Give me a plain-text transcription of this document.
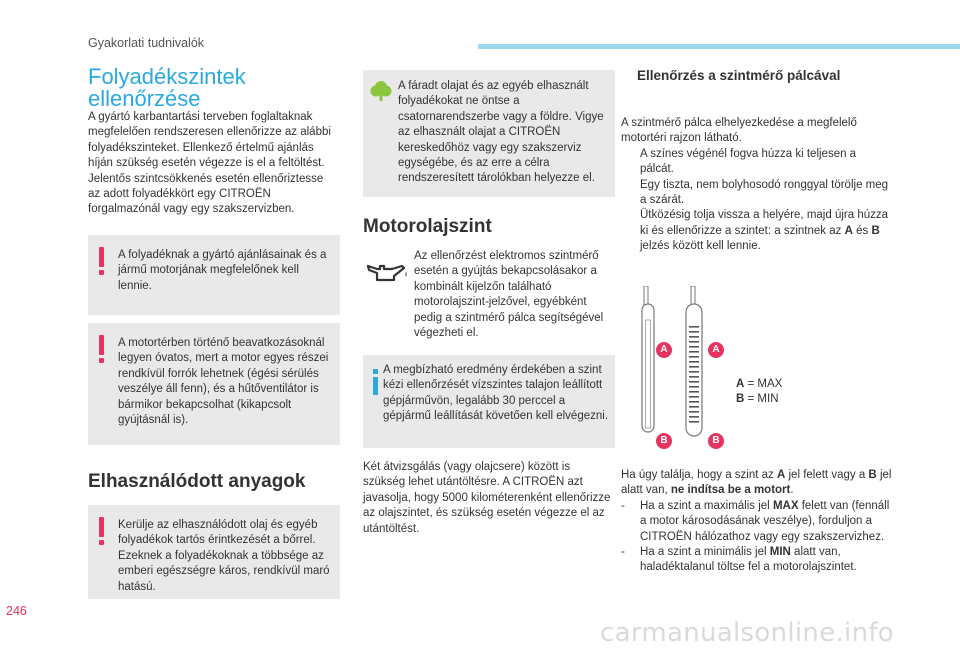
Gyakorlati tudnivalók
Folyadékszintek
ellenőrzése

A gyártó karbantartási terveben foglaltaknak megfelelően rendszeresen ellenőrizze az alábbi folyadékszinteket. Ellenkező értelmű ajánlás híján szükség esetén végezze is el a feltöltést.

Jelentős szintcsökkenés esetén ellenőriztesse az adott folyadékkört egy CITROËN forgalmazónál vagy egy szakszervizben.

A folyadéknak a gyártó ajánlásainak és a jármű motorjának megfelelőnek kell lennie.

A motortérben történő beavatkozásoknál legyen óvatos, mert a motor egyes részei rendkívül forrók lehetnek (égési sérülés veszélye áll fenn), és a hűtőventilátor is bármikor bekapcsolhat (kikapcsolt gyújtásnál is).

Elhasználódott anyagok

Kerülje az elhasználódott olaj és egyéb folyadékok tartós érintkezését a bőrrel. Ezeknek a folyadékoknak a többsége az emberi egészségre káros, rendkívül maró hatású.

A fáradt olajat és az egyéb elhasznált folyadékokat ne öntse a csatornarendszerbe vagy a földre. Vigye az elhasznált olajat a CITROËN kereskedőhöz vagy egy szakszerviz egységébe, és az erre a célra rendszeresített tárolókban helyezze el.

Motorolajszint

Az ellenőrzést elektromos szintmérő esetén a gyújtás bekapcsolásakor a kombinált kijelzőn található motorolajszint-jelzővel, egyébként pedig a szintmérő pálca segítségével végezheti el.

A megbízható eredmény érdekében a szint kézi ellenőrzését vízszintes talajon leállított gépjárművön, legalább 30 perccel a gépjármű leállítását követően kell elvégezni.

Két átvizsgálás (vagy olajcsere) között is szükség lehet utántöltésre. A CITROËN azt javasolja, hogy 5000 kilométerenként ellenőrizze az olajszintet, és szükség esetén végezze el az utántöltést.

Ellenőrzés a szintmérő pálcával

A szintmérő pálca elhelyezkedése a megfelelő motortéri rajzon látható.

A színes végénél fogva húzza ki teljesen a pálcát.
Egy tiszta, nem bolyhosodó ronggyal törölje meg a szárát.
Ütközésig tolja vissza a helyére, majd újra húzza ki és ellenőrizze a szintet: a szintnek az A és B jelzés között kell lennie.
A	A
B	B
A = MAX
B = MIN

Ha úgy találja, hogy a szint az A jel felett vagy a B jel alatt van, ne indítsa be a motort.

- Ha a szint a maximális jel MAX felett van (fennáll a motor károsodásának veszélye), forduljon a CITROËN hálózathoz vagy egy szakszervizhez.
- Ha a szint a minimális jel MIN alatt van, haladéktalanul töltse fel a motorolajszintet.
246
carmanualsonline.info
